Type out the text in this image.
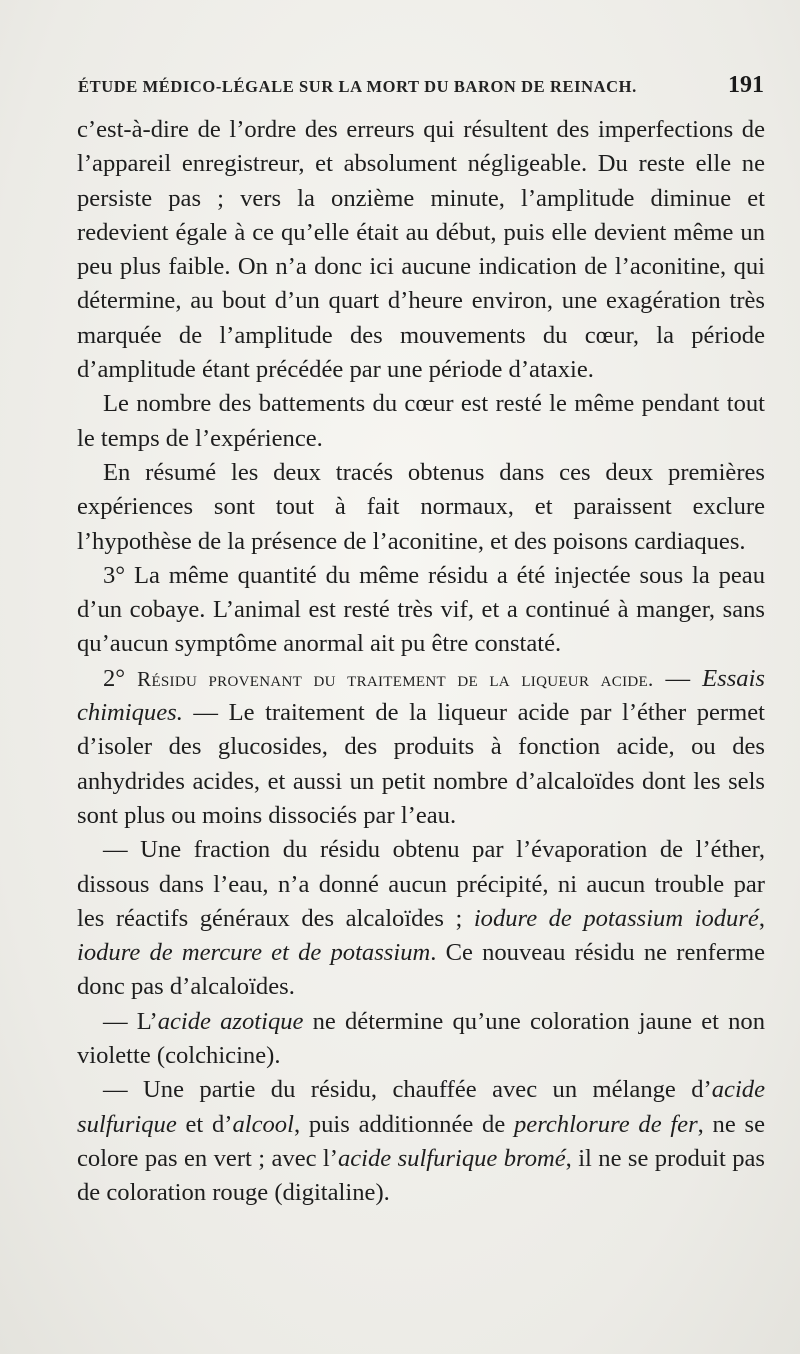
ÉTUDE MÉDICO-LÉGALE SUR LA MORT DU BARON DE REINACH.	191

c’est-à-dire de l’ordre des erreurs qui résultent des imperfections de l’appareil enregistreur, et absolument négligeable. Du reste elle ne persiste pas ; vers la onzième minute, l’amplitude diminue et redevient égale à ce qu’elle était au début, puis elle devient même un peu plus faible. On n’a donc ici aucune indication de l’aconitine, qui détermine, au bout d’un quart d’heure environ, une exagération très marquée de l’amplitude des mouvements du cœur, la période d’amplitude étant précédée par une période d’ataxie.

Le nombre des battements du cœur est resté le même pendant tout le temps de l’expérience.

En résumé les deux tracés obtenus dans ces deux premières expériences sont tout à fait normaux, et paraissent exclure l’hypothèse de la présence de l’aconitine, et des poisons cardiaques.

3° La même quantité du même résidu a été injectée sous la peau d’un cobaye. L’animal est resté très vif, et a continué à manger, sans qu’aucun symptôme anormal ait pu être constaté.

2° Résidu provenant du traitement de la liqueur acide. — Essais chimiques. — Le traitement de la liqueur acide par l’éther permet d’isoler des glucosides, des produits à fonction acide, ou des anhydrides acides, et aussi un petit nombre d’alcaloïdes dont les sels sont plus ou moins dissociés par l’eau.

— Une fraction du résidu obtenu par l’évaporation de l’éther, dissous dans l’eau, n’a donné aucun précipité, ni aucun trouble par les réactifs généraux des alcaloïdes ; iodure de potassium ioduré, iodure de mercure et de potassium. Ce nouveau résidu ne renferme donc pas d’alcaloïdes.

— L’acide azotique ne détermine qu’une coloration jaune et non violette (colchicine).

— Une partie du résidu, chauffée avec un mélange d’acide sulfurique et d’alcool, puis additionnée de perchlorure de fer, ne se colore pas en vert ; avec l’acide sulfurique bromé, il ne se produit pas de coloration rouge (digitaline).
